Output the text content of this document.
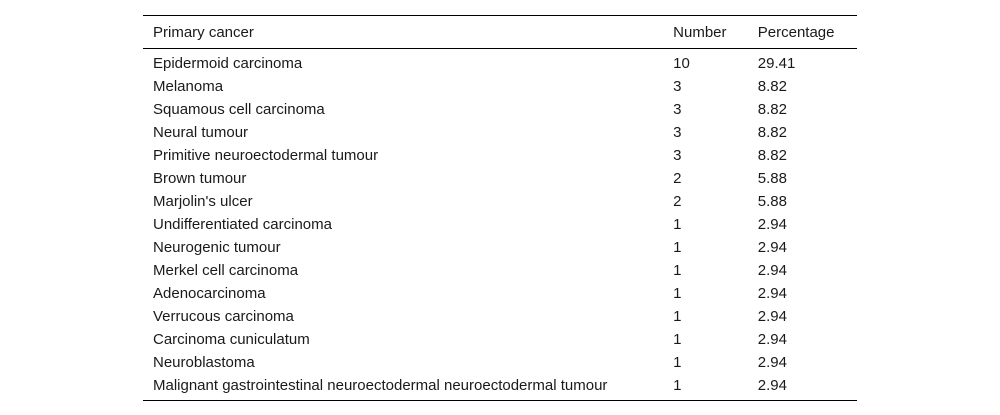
Primary cancer	Number	Percentage
Epidermoid carcinoma	10	29.41
Melanoma	3	8.82
Squamous cell carcinoma	3	8.82
Neural tumour	3	8.82
Primitive neuroectodermal tumour	3	8.82
Brown tumour	2	5.88
Marjolin's ulcer	2	5.88
Undifferentiated carcinoma	1	2.94
Neurogenic tumour	1	2.94
Merkel cell carcinoma	1	2.94
Adenocarcinoma	1	2.94
Verrucous carcinoma	1	2.94
Carcinoma cuniculatum	1	2.94
Neuroblastoma	1	2.94
Malignant gastrointestinal neuroectodermal neuroectodermal tumour	1	2.94
